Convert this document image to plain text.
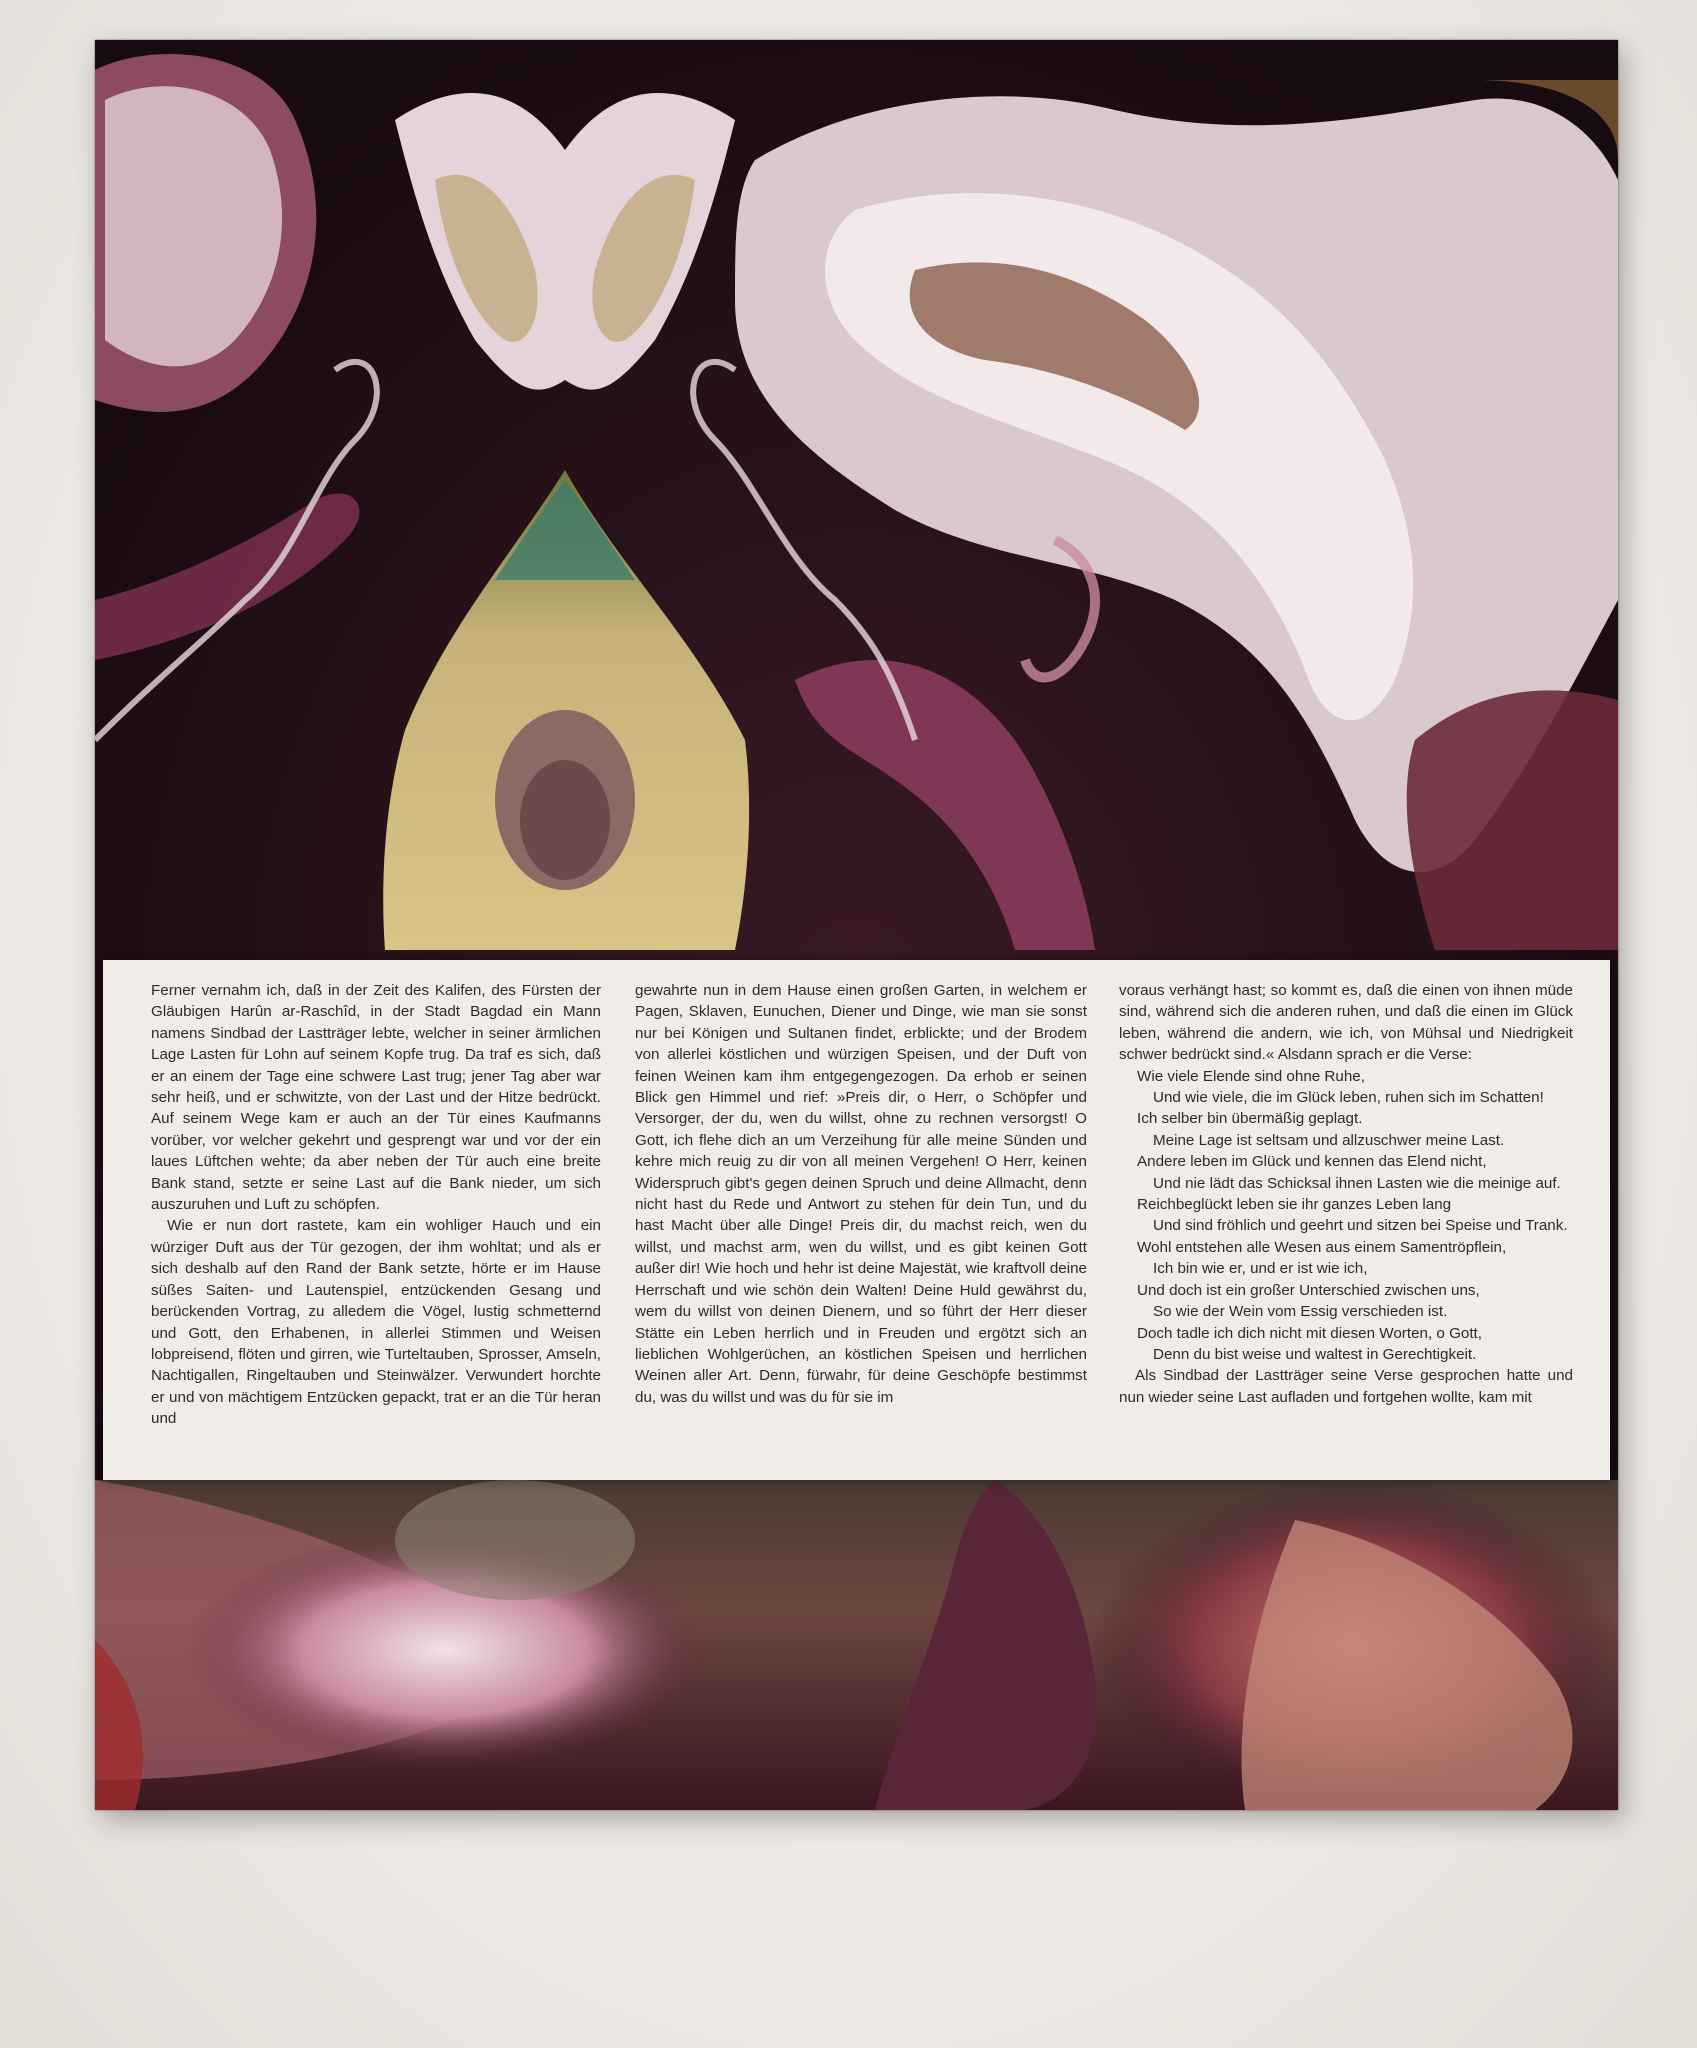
Ferner vernahm ich, daß in der Zeit des Kalifen, des Fürsten der Gläubigen Harûn ar-Raschîd, in der Stadt Bagdad ein Mann namens Sindbad der Lastträger lebte, welcher in seiner ärmlichen Lage Lasten für Lohn auf seinem Kopfe trug. Da traf es sich, daß er an einem der Tage eine schwere Last trug; jener Tag aber war sehr heiß, und er schwitzte, von der Last und der Hitze bedrückt. Auf seinem Wege kam er auch an der Tür eines Kaufmanns vorüber, vor welcher gekehrt und gesprengt war und vor der ein laues Lüftchen wehte; da aber neben der Tür auch eine breite Bank stand, setzte er seine Last auf die Bank nieder, um sich auszuruhen und Luft zu schöpfen.

Wie er nun dort rastete, kam ein wohliger Hauch und ein würziger Duft aus der Tür gezogen, der ihm wohltat; und als er sich deshalb auf den Rand der Bank setzte, hörte er im Hause süßes Saiten- und Lautenspiel, entzückenden Gesang und berückenden Vortrag, zu alledem die Vögel, lustig schmetternd und Gott, den Erhabenen, in allerlei Stimmen und Weisen lobpreisend, flöten und girren, wie Turteltauben, Sprosser, Amseln, Nachtigallen, Ringeltauben und Steinwälzer. Verwundert horchte er und von mächtigem Entzücken gepackt, trat er an die Tür heran und

gewahrte nun in dem Hause einen großen Garten, in welchem er Pagen, Sklaven, Eunuchen, Diener und Dinge, wie man sie sonst nur bei Königen und Sultanen findet, erblickte; und der Brodem von allerlei köstlichen und würzigen Speisen, und der Duft von feinen Weinen kam ihm entgegengezogen. Da erhob er seinen Blick gen Himmel und rief: »Preis dir, o Herr, o Schöpfer und Versorger, der du, wen du willst, ohne zu rechnen versorgst! O Gott, ich flehe dich an um Verzeihung für alle meine Sünden und kehre mich reuig zu dir von all meinen Vergehen! O Herr, keinen Widerspruch gibt's gegen deinen Spruch und deine Allmacht, denn nicht hast du Rede und Antwort zu stehen für dein Tun, und du hast Macht über alle Dinge! Preis dir, du machst reich, wen du willst, und machst arm, wen du willst, und es gibt keinen Gott außer dir! Wie hoch und hehr ist deine Majestät, wie kraftvoll deine Herrschaft und wie schön dein Walten! Deine Huld gewährst du, wem du willst von deinen Dienern, und so führt der Herr dieser Stätte ein Leben herrlich und in Freuden und ergötzt sich an lieblichen Wohlgerüchen, an köstlichen Speisen und herrlichen Weinen aller Art. Denn, fürwahr, für deine Geschöpfe bestimmst du, was du willst und was du für sie im

voraus verhängt hast; so kommt es, daß die einen von ihnen müde sind, während sich die anderen ruhen, und daß die einen im Glück leben, während die andern, wie ich, von Mühsal und Niedrigkeit schwer bedrückt sind.« Alsdann sprach er die Verse:

Wie viele Elende sind ohne Ruhe,
Und wie viele, die im Glück leben, ruhen sich im Schatten!
Ich selber bin übermäßig geplagt.
Meine Lage ist seltsam und allzuschwer meine Last.
Andere leben im Glück und kennen das Elend nicht,
Und nie lädt das Schicksal ihnen Lasten wie die meinige auf.
Reichbeglückt leben sie ihr ganzes Leben lang
Und sind fröhlich und geehrt und sitzen bei Speise und Trank.
Wohl entstehen alle Wesen aus einem Samentröpflein,
Ich bin wie er, und er ist wie ich,
Und doch ist ein großer Unterschied zwischen uns,
So wie der Wein vom Essig verschieden ist.
Doch tadle ich dich nicht mit diesen Worten, o Gott,
Denn du bist weise und waltest in Gerechtigkeit.

Als Sindbad der Lastträger seine Verse gesprochen hatte und nun wieder seine Last aufladen und fortgehen wollte, kam mit
